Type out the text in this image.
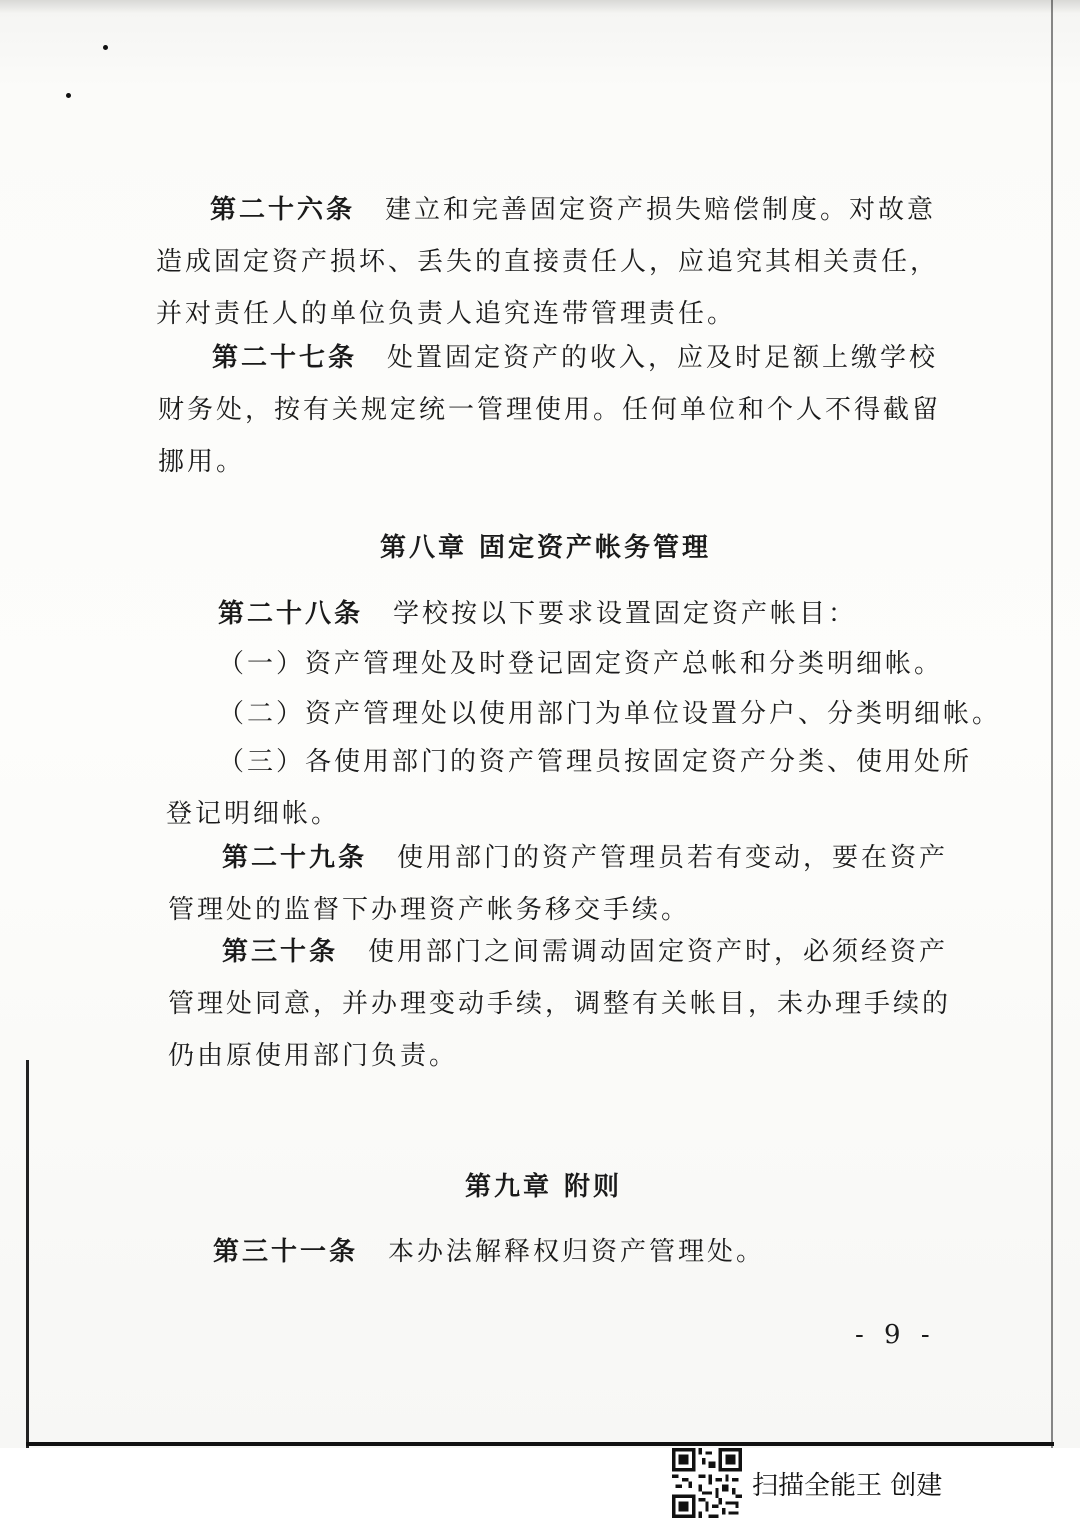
第二十六条 建立和完善固定资产损失赔偿制度。对故意
造成固定资产损坏、丢失的直接责任人，应追究其相关责任，
并对责任人的单位负责人追究连带管理责任。
第二十七条 处置固定资产的收入，应及时足额上缴学校
财务处，按有关规定统一管理使用。任何单位和个人不得截留
挪用。
第八章 固定资产帐务管理
第二十八条 学校按以下要求设置固定资产帐目：
（一）资产管理处及时登记固定资产总帐和分类明细帐。
（二）资产管理处以使用部门为单位设置分户、分类明细帐。
（三）各使用部门的资产管理员按固定资产分类、使用处所
登记明细帐。
第二十九条 使用部门的资产管理员若有变动，要在资产
管理处的监督下办理资产帐务移交手续。
第三十条 使用部门之间需调动固定资产时，必须经资产
管理处同意，并办理变动手续，调整有关帐目，未办理手续的
仍由原使用部门负责。
第九章 附则
第三十一条 本办法解释权归资产管理处。
- 9 -
扫描全能王 创建
